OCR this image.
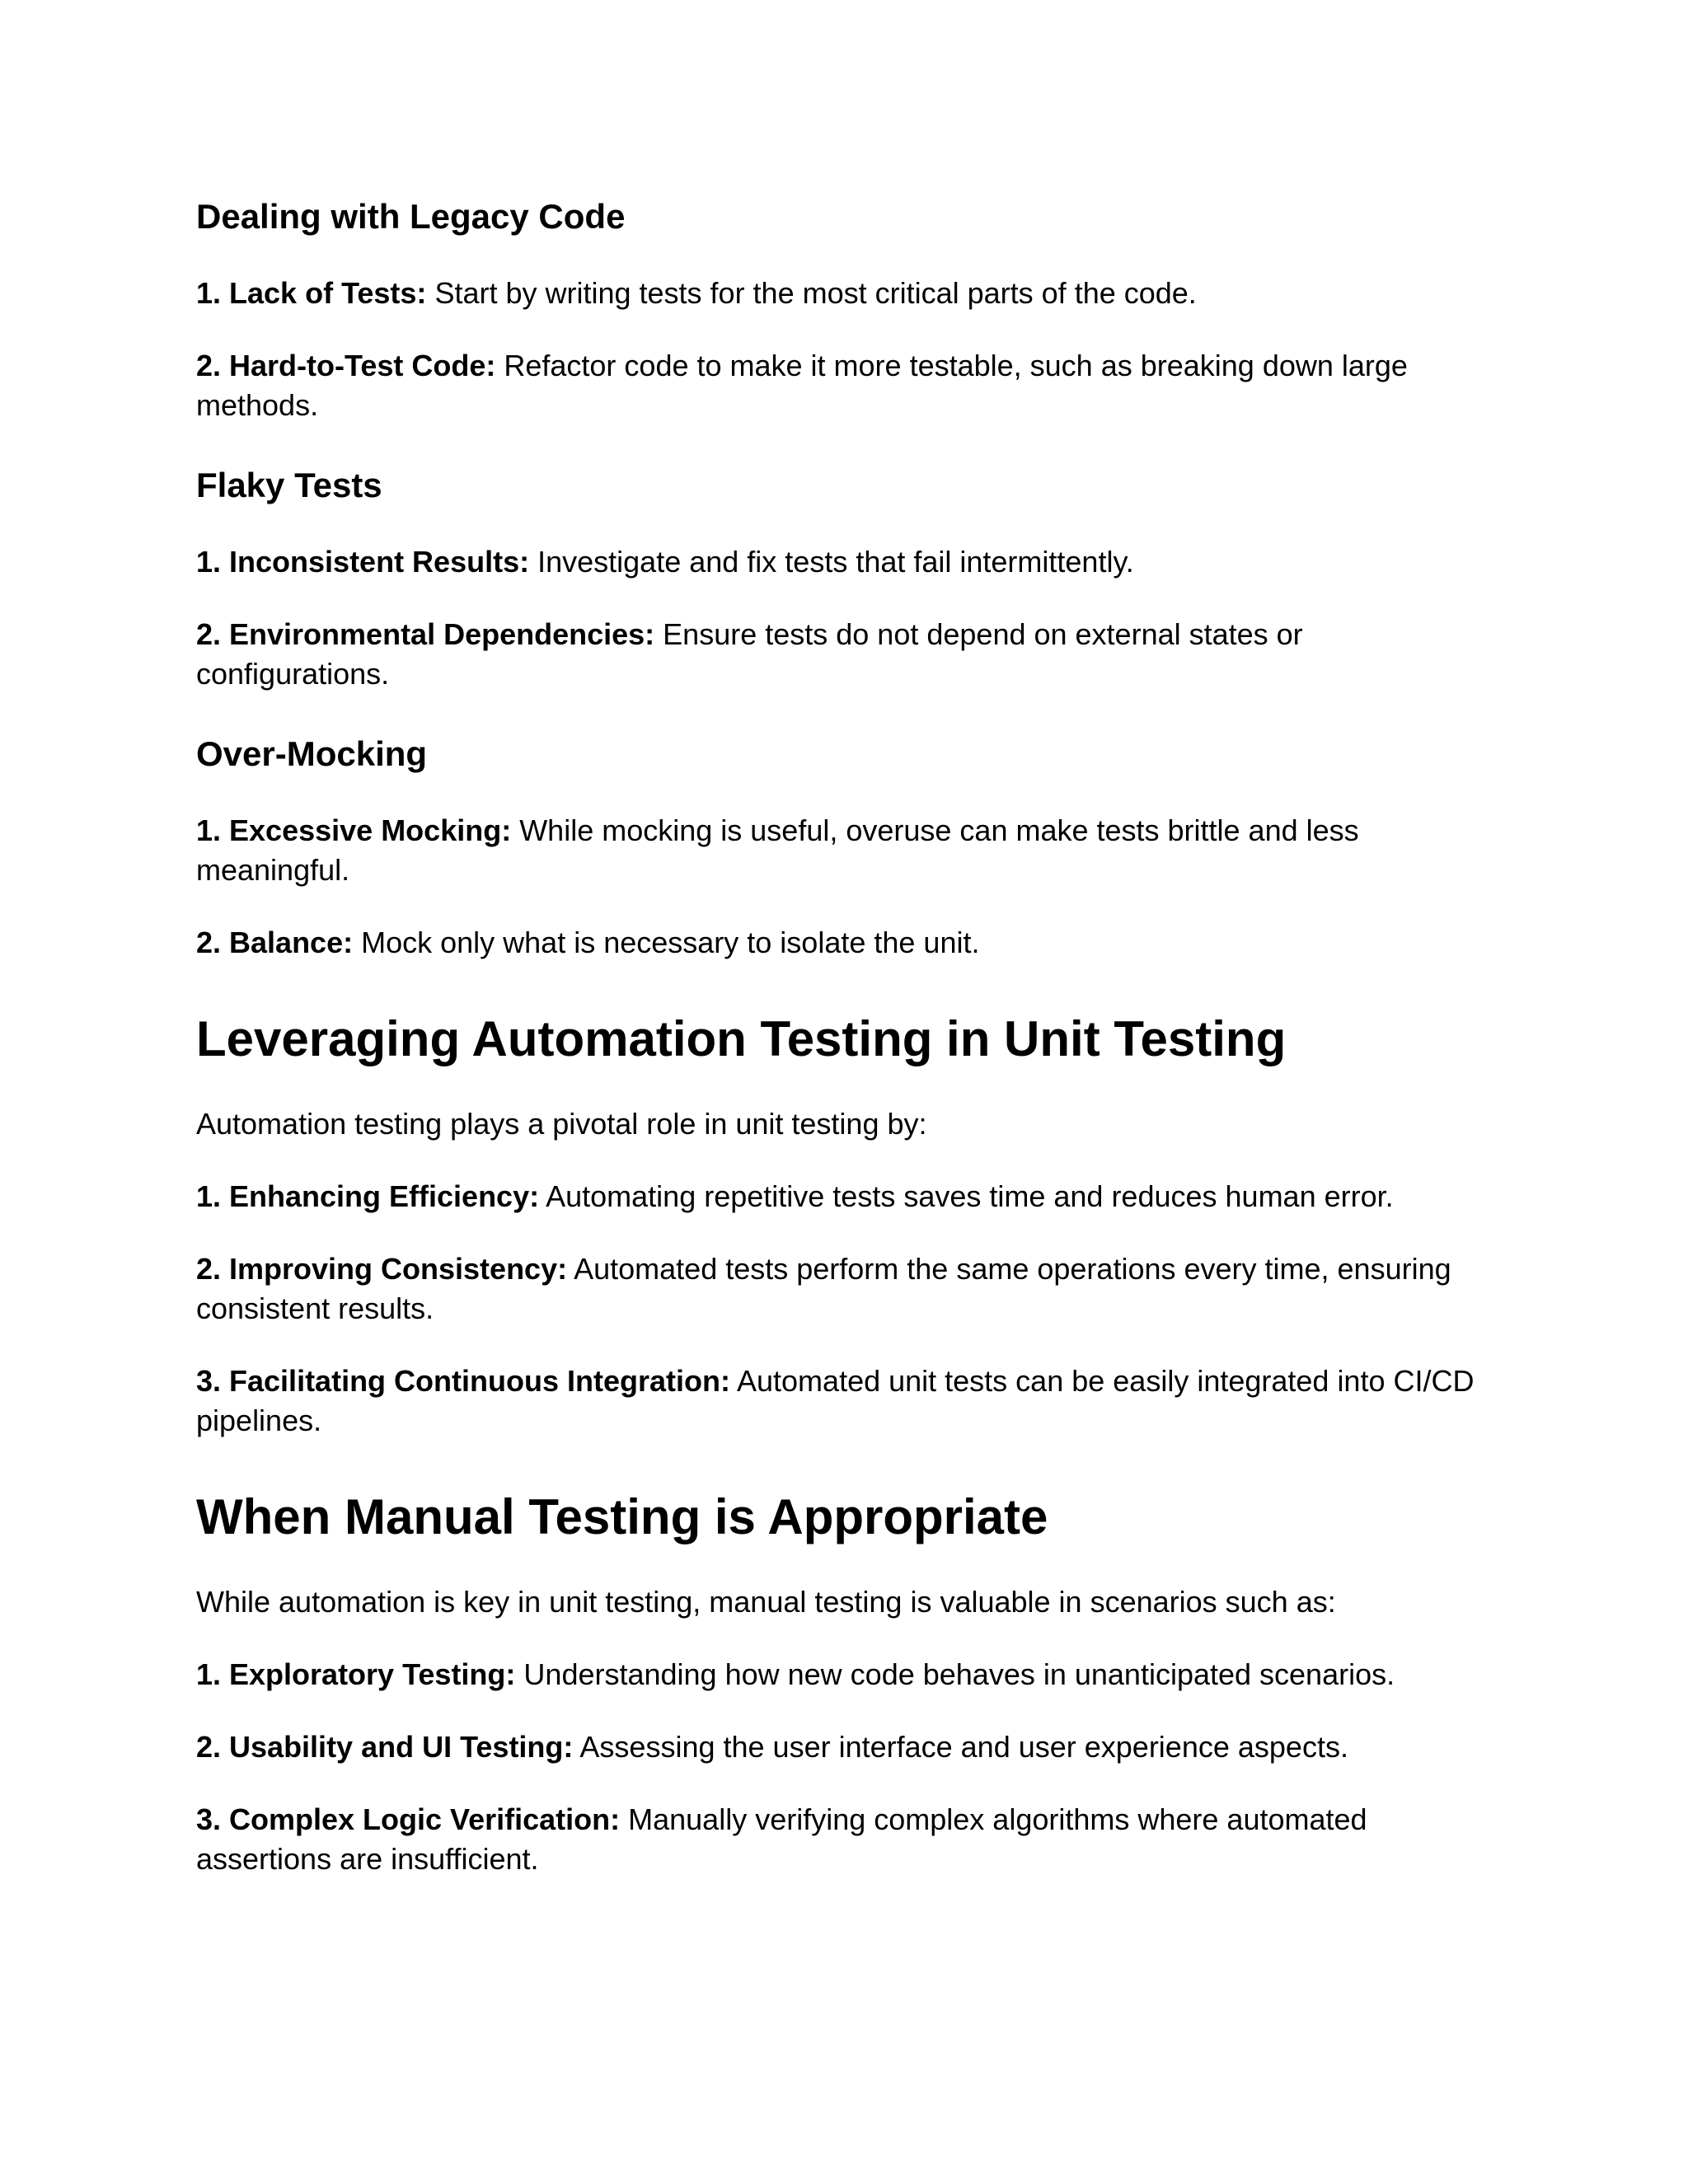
Dealing with Legacy Code

1. Lack of Tests: Start by writing tests for the most critical parts of the code.

2. Hard-to-Test Code: Refactor code to make it more testable, such as breaking down large methods.

Flaky Tests

1. Inconsistent Results: Investigate and fix tests that fail intermittently.

2. Environmental Dependencies: Ensure tests do not depend on external states or configurations.

Over-Mocking

1. Excessive Mocking: While mocking is useful, overuse can make tests brittle and less meaningful.

2. Balance: Mock only what is necessary to isolate the unit.

Leveraging Automation Testing in Unit Testing

Automation testing plays a pivotal role in unit testing by:

1. Enhancing Efficiency: Automating repetitive tests saves time and reduces human error.

2. Improving Consistency: Automated tests perform the same operations every time, ensuring consistent results.

3. Facilitating Continuous Integration: Automated unit tests can be easily integrated into CI/CD pipelines.

When Manual Testing is Appropriate

While automation is key in unit testing, manual testing is valuable in scenarios such as:

1. Exploratory Testing: Understanding how new code behaves in unanticipated scenarios.

2. Usability and UI Testing: Assessing the user interface and user experience aspects.

3. Complex Logic Verification: Manually verifying complex algorithms where automated assertions are insufficient.
